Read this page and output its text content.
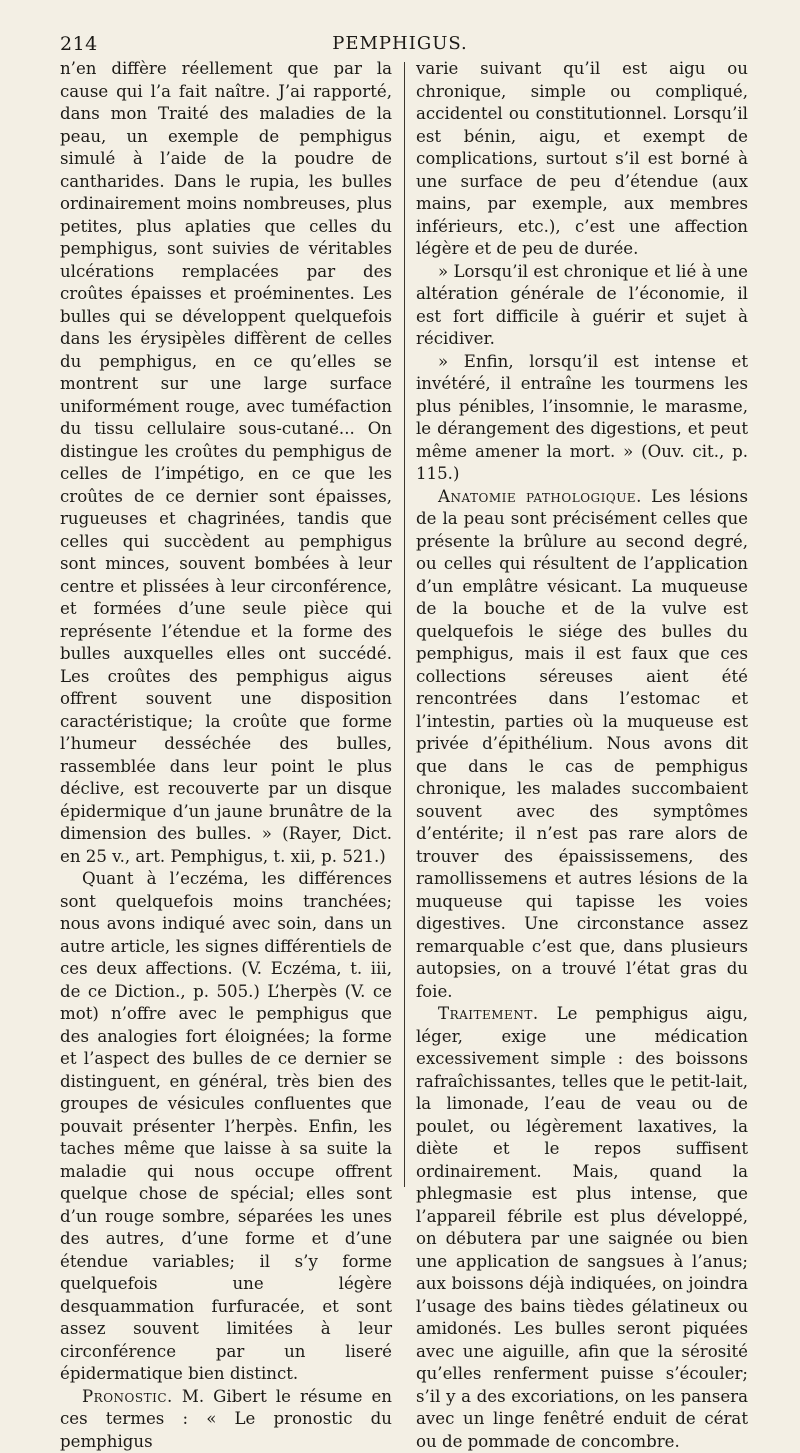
214	PEMPHIGUS.

n’en diffère réellement que par la cause qui l’a fait naître. J’ai rapporté, dans mon Traité des maladies de la peau, un exemple de pemphigus simulé à l’aide de la poudre de cantharides. Dans le rupia, les bulles ordinairement moins nombreuses, plus petites, plus aplaties que celles du pemphigus, sont suivies de véritables ulcérations remplacées par des croûtes épaisses et proéminentes. Les bulles qui se développent quelquefois dans les érysipèles diffèrent de celles du pemphigus, en ce qu’elles se montrent sur une large surface uniformément rouge, avec tuméfaction du tissu cellulaire sous-cutané... On distingue les croûtes du pemphigus de celles de l’impétigo, en ce que les croûtes de ce dernier sont épaisses, rugueuses et chagrinées, tandis que celles qui succèdent au pemphigus sont minces, souvent bombées à leur centre et plissées à leur circonférence, et formées d’une seule pièce qui représente l’étendue et la forme des bulles auxquelles elles ont succédé. Les croûtes des pemphigus aigus offrent souvent une disposition caractéristique; la croûte que forme l’humeur desséchée des bulles, rassemblée dans leur point le plus déclive, est recouverte par un disque épidermique d’un jaune brunâtre de la dimension des bulles. » (Rayer, Dict. en 25 v., art. Pemphigus, t. xii, p. 521.)

Quant à l’eczéma, les différences sont quelquefois moins tranchées; nous avons indiqué avec soin, dans un autre article, les signes différentiels de ces deux affections. (V. Eczéma, t. iii, de ce Diction., p. 505.) L’herpès (V. ce mot) n’offre avec le pemphigus que des analogies fort éloignées; la forme et l’aspect des bulles de ce dernier se distinguent, en général, très bien des groupes de vésicules confluentes que pouvait présenter l’herpès. Enfin, les taches même que laisse à sa suite la maladie qui nous occupe offrent quelque chose de spécial; elles sont d’un rouge sombre, séparées les unes des autres, d’une forme et d’une étendue variables; il s’y forme quelquefois une légère desquammation furfuracée, et sont assez souvent limitées à leur circonférence par un liseré épidermatique bien distinct.

Pronostic. M. Gibert le résume en ces termes : « Le pronostic du pemphigus

varie suivant qu’il est aigu ou chronique, simple ou compliqué, accidentel ou constitutionnel. Lorsqu’il est bénin, aigu, et exempt de complications, surtout s’il est borné à une surface de peu d’étendue (aux mains, par exemple, aux membres inférieurs, etc.), c’est une affection légère et de peu de durée.

» Lorsqu’il est chronique et lié à une altération générale de l’économie, il est fort difficile à guérir et sujet à récidiver.

» Enfin, lorsqu’il est intense et invétéré, il entraîne les tourmens les plus pénibles, l’insomnie, le marasme, le dérangement des digestions, et peut même amener la mort. » (Ouv. cit., p. 115.)

Anatomie pathologique. Les lésions de la peau sont précisément celles que présente la brûlure au second degré, ou celles qui résultent de l’application d’un emplâtre vésicant. La muqueuse de la bouche et de la vulve est quelquefois le siége des bulles du pemphigus, mais il est faux que ces collections séreuses aient été rencontrées dans l’estomac et l’intestin, parties où la muqueuse est privée d’épithélium. Nous avons dit que dans le cas de pemphigus chronique, les malades succombaient souvent avec des symptômes d’entérite; il n’est pas rare alors de trouver des épaississemens, des ramollissemens et autres lésions de la muqueuse qui tapisse les voies digestives. Une circonstance assez remarquable c’est que, dans plusieurs autopsies, on a trouvé l’état gras du foie.

Traitement. Le pemphigus aigu, léger, exige une médication excessivement simple : des boissons rafraîchissantes, telles que le petit-lait, la limonade, l’eau de veau ou de poulet, ou légèrement laxatives, la diète et le repos suffisent ordinairement. Mais, quand la phlegmasie est plus intense, que l’appareil fébrile est plus développé, on débutera par une saignée ou bien une application de sangsues à l’anus; aux boissons déjà indiquées, on joindra l’usage des bains tièdes gélatineux ou amidonés. Les bulles seront piquées avec une aiguille, afin que la sérosité qu’elles renferment puisse s’écouler; s’il y a des excoriations, on les pansera avec un linge fenêtré enduit de cérat ou de pommade de concombre.
